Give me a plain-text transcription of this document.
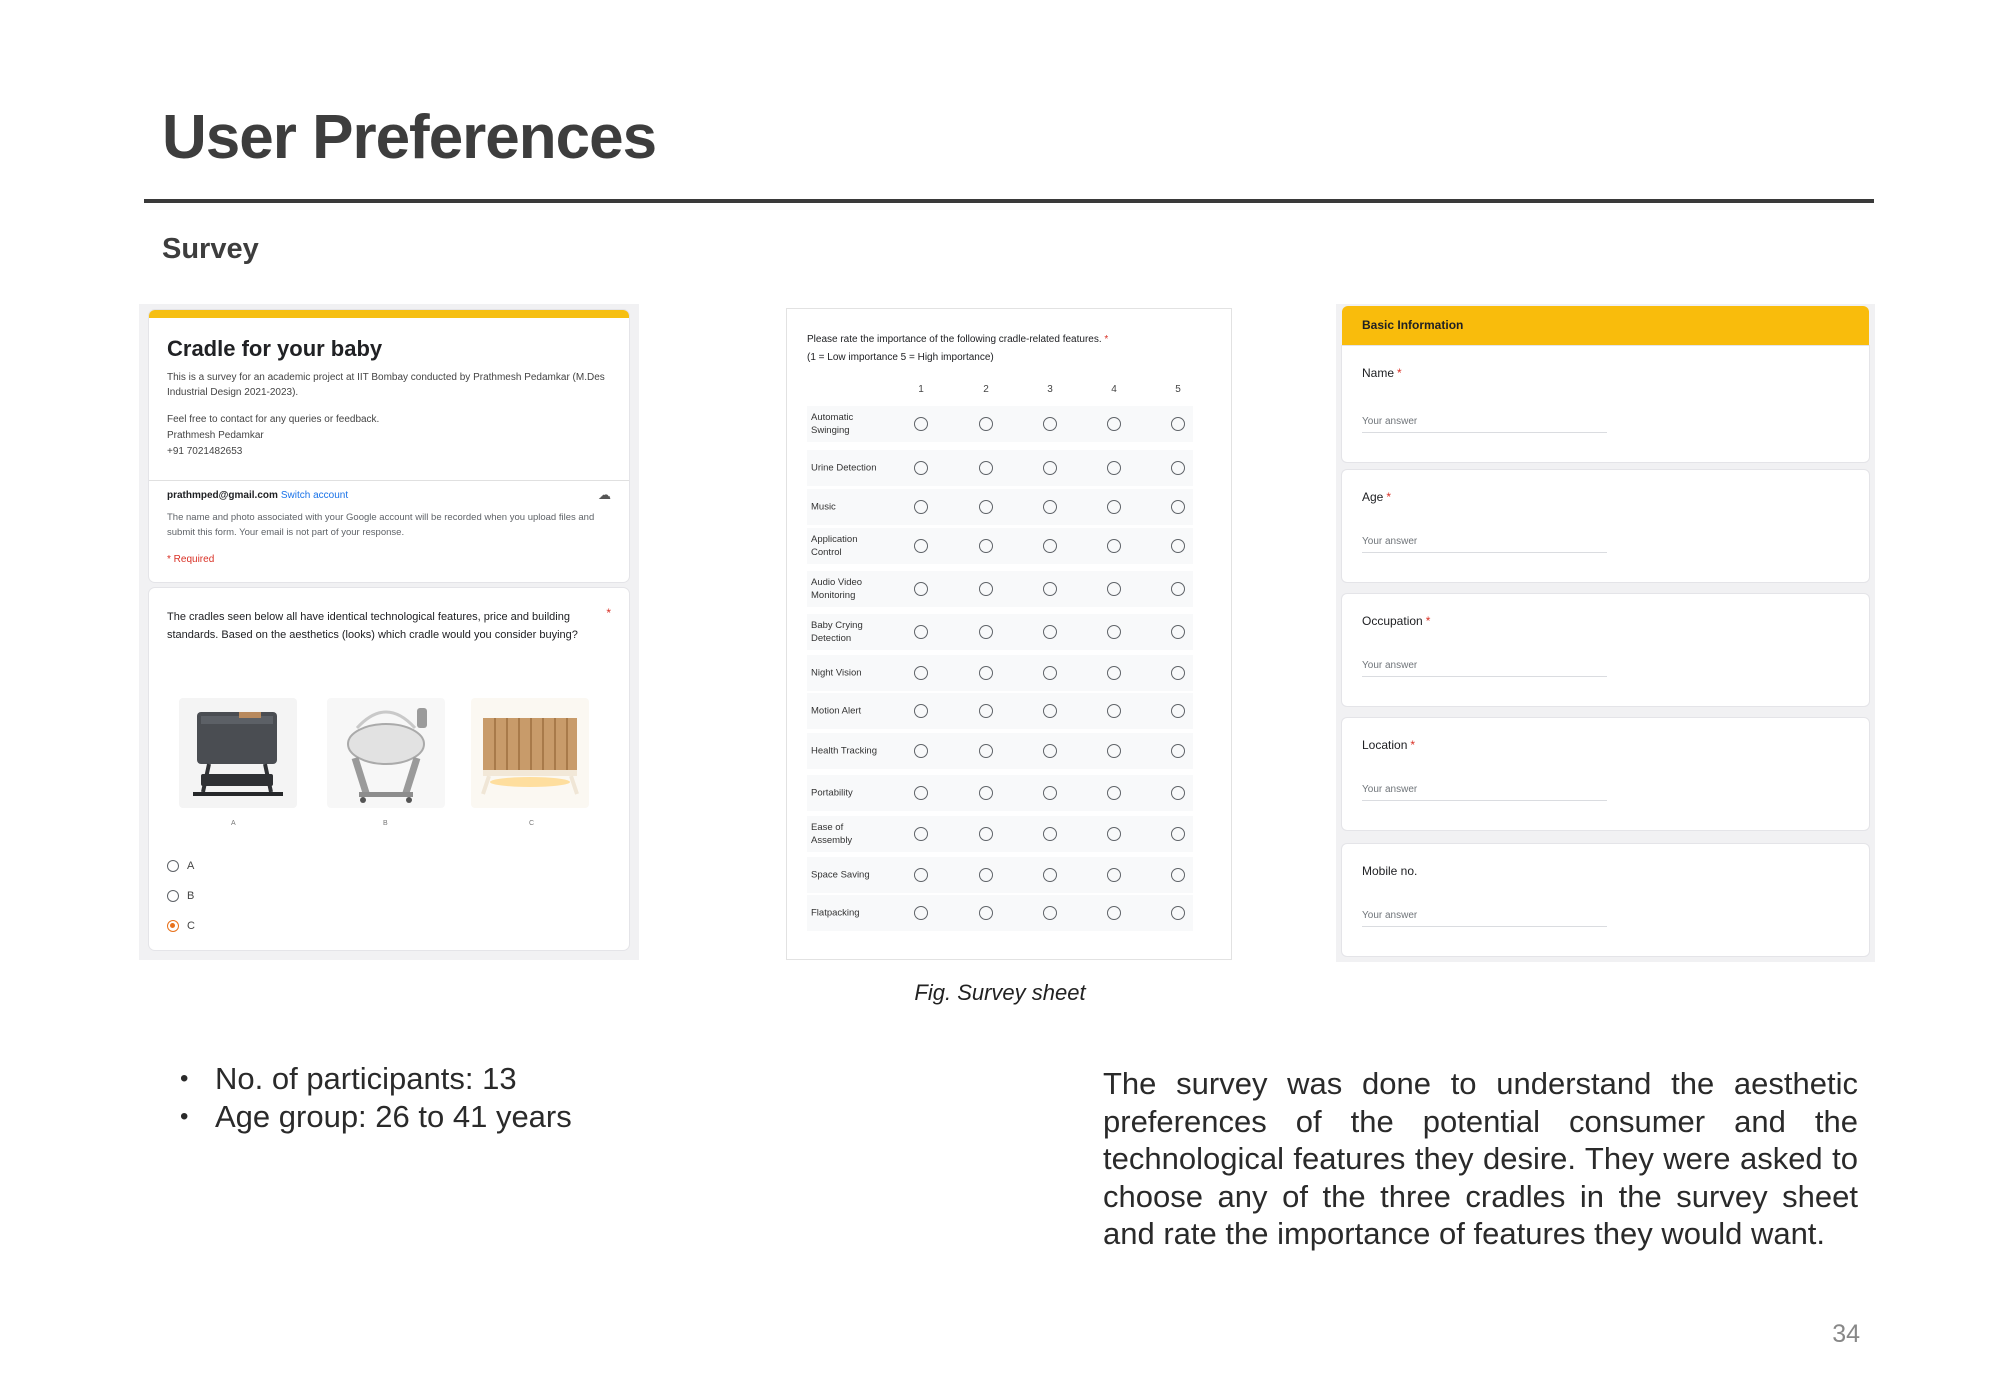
User Preferences
Survey
Cradle for your baby
This is a survey for an academic project at IIT Bombay conducted by Prathmesh Pedamkar (M.Des Industrial Design 2021-2023).
Feel free to contact for any queries or feedback.
Prathmesh Pedamkar
+91 7021482653
prathmped@gmail.com Switch account	☁
The name and photo associated with your Google account will be recorded when you upload files and submit this form. Your email is not part of your response.
* Required
The cradles seen below all have identical technological features, price and building standards. Based on the aesthetics (looks) which cradle would you consider buying?
*
A	B	C
A
B
C
Please rate the importance of the following cradle-related features. *
(1 = Low importance 5 = High importance)
1	2	3	4	5
Automatic Swinging
Urine Detection
Music
Application Control
Audio Video Monitoring
Baby Crying Detection
Night Vision
Motion Alert
Health Tracking
Portability
Ease of Assembly
Space Saving
Flatpacking
Basic Information
Name *
Your answer
Age *
Your answer
Occupation *
Your answer
Location *
Your answer
Mobile no.
Your answer
Fig. Survey sheet
• No. of participants: 13
• Age group: 26 to 41 years
The survey was done to understand the aesthetic preferences of the potential consumer and the technological features they desire. They were asked to choose any of the three cradles in the survey sheet and rate the importance of features they would want.
34
